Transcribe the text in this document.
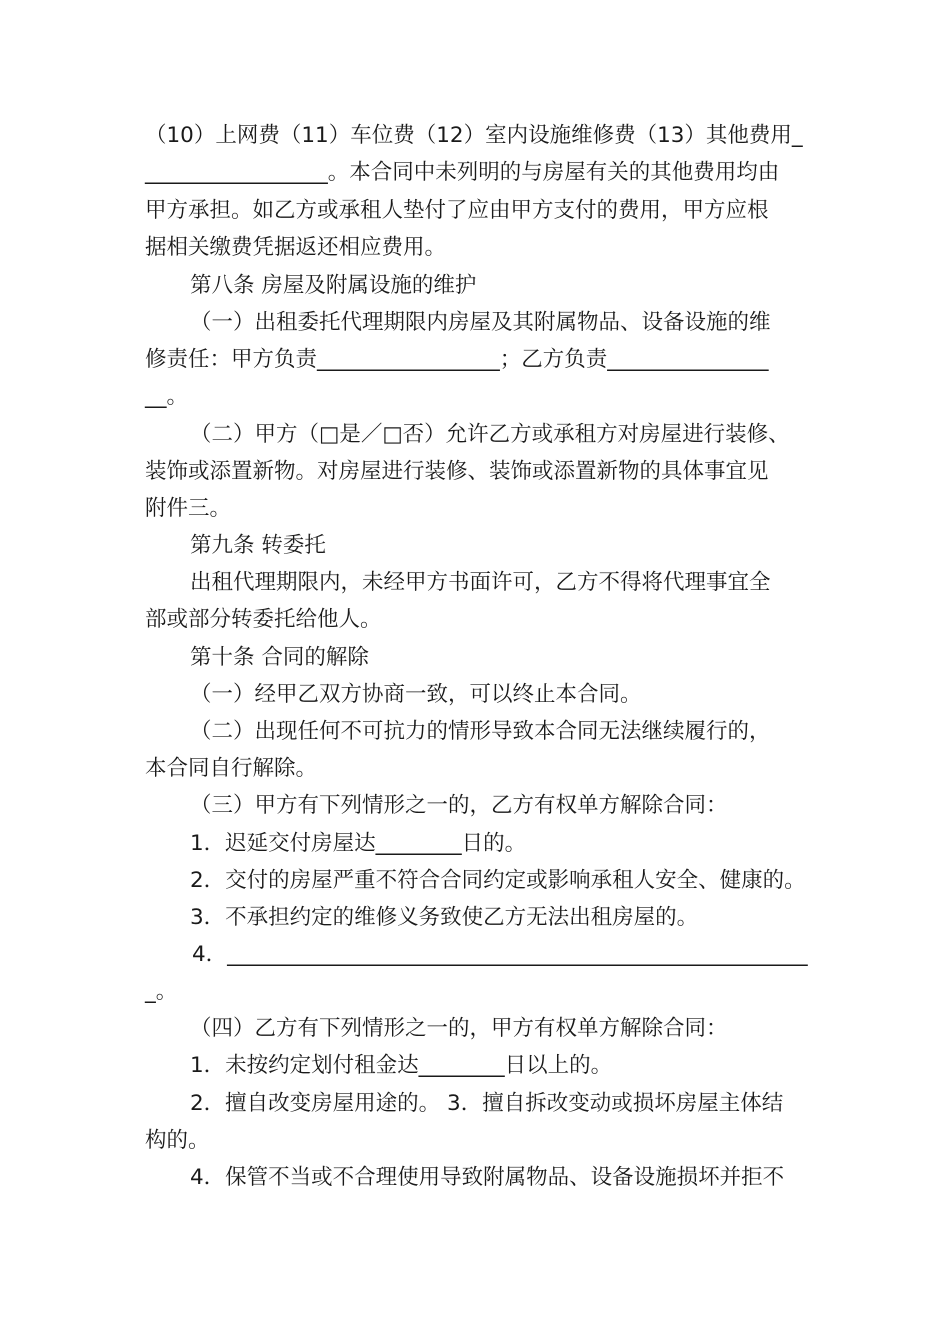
（10）上网费（11）车位费（12）室内设施维修费（13）其他费用_
_________________。本合同中未列明的与房屋有关的其他费用均由
甲方承担。如乙方或承租人垫付了应由甲方支付的费用，甲方应根
据相关缴费凭据返还相应费用。
第八条 房屋及附属设施的维护
（一）出租委托代理期限内房屋及其附属物品、设备设施的维
修责任：甲方负责_________________；乙方负责_______________
__。
（二）甲方（□是／□否）允许乙方或承租方对房屋进行装修、
装饰或添置新物。对房屋进行装修、装饰或添置新物的具体事宜见
附件三。
第九条 转委托
出租代理期限内，未经甲方书面许可，乙方不得将代理事宜全
部或部分转委托给他人。
第十条 合同的解除
（一）经甲乙双方协商一致，可以终止本合同。
（二）出现任何不可抗力的情形导致本合同无法继续履行的，
本合同自行解除。
（三）甲方有下列情形之一的，乙方有权单方解除合同：
1．迟延交付房屋达________日的。
2．交付的房屋严重不符合合同约定或影响承租人安全、健康的。
3．不承担约定的维修义务致使乙方无法出租房屋的。
4．______________________________________________________
_。
（四）乙方有下列情形之一的，甲方有权单方解除合同：
1．未按约定划付租金达________日以上的。
2．擅自改变房屋用途的。 3．擅自拆改变动或损坏房屋主体结
构的。
4．保管不当或不合理使用导致附属物品、设备设施损坏并拒不
